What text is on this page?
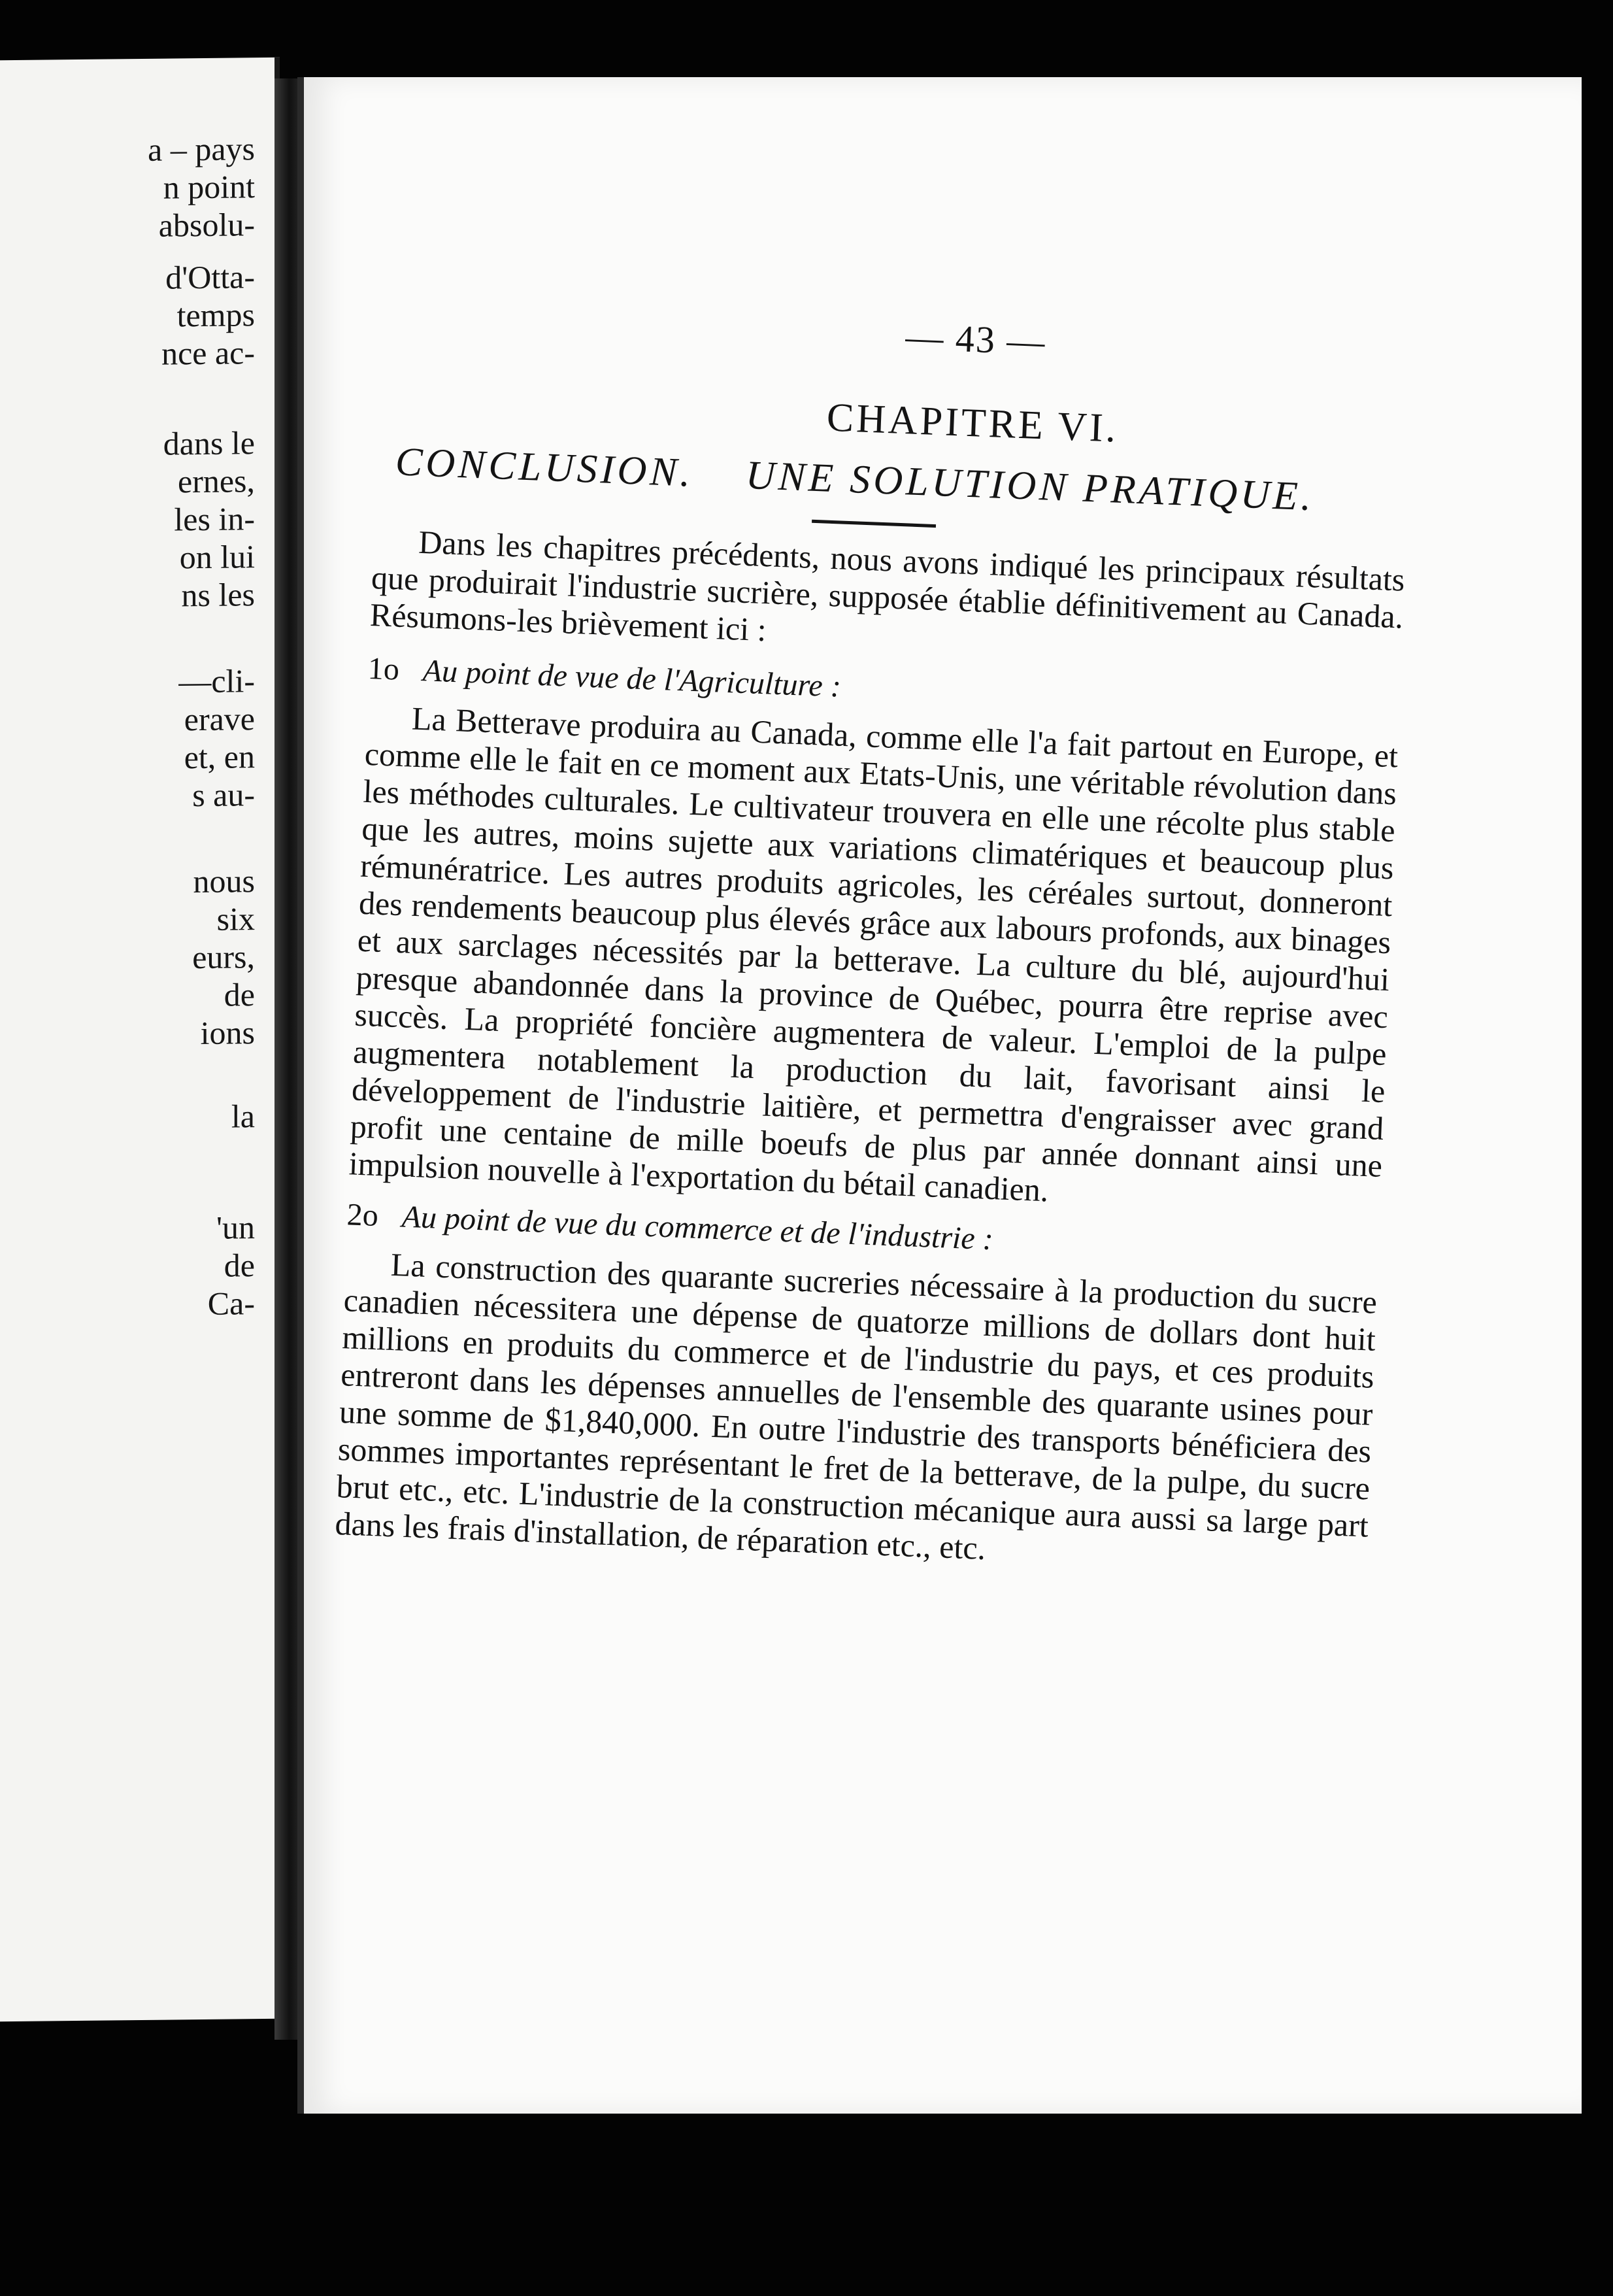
a – pays
n point
absolu-
d'Otta-
temps
nce ac-
dans le
ernes,
les in-
on lui
ns les
—cli-
erave
et, en
s au-
nous
six
eurs,
de
ions
la
'un
de
Ca-
— 43 —
CHAPITRE VI.
CONCLUSION. UNE SOLUTION PRATIQUE.

Dans les chapitres précédents, nous avons indiqué les principaux résultats que produirait l'industrie sucrière, supposée établie définitivement au Canada. Résumons-les brièvement ici :

1o Au point de vue de l'Agriculture :

La Betterave produira au Canada, comme elle l'a fait partout en Europe, et comme elle le fait en ce moment aux Etats-Unis, une véritable révolution dans les méthodes culturales. Le cultivateur trouvera en elle une récolte plus stable que les autres, moins sujette aux variations climatériques et beaucoup plus rémunératrice. Les autres produits agricoles, les céréales surtout, donneront des rendements beaucoup plus élevés grâce aux labours profonds, aux binages et aux sarclages nécessités par la betterave. La culture du blé, aujourd'hui presque abandonnée dans la province de Québec, pourra être reprise avec succès. La propriété foncière augmentera de valeur. L'emploi de la pulpe augmentera notablement la production du lait, favorisant ainsi le développement de l'industrie laitière, et permettra d'engraisser avec grand profit une centaine de mille boeufs de plus par année donnant ainsi une impulsion nouvelle à l'exportation du bétail canadien.

2o Au point de vue du commerce et de l'industrie :

La construction des quarante sucreries nécessaire à la production du sucre canadien nécessitera une dépense de quatorze millions de dollars dont huit millions en produits du commerce et de l'industrie du pays, et ces produits entreront dans les dépenses annuelles de l'ensemble des quarante usines pour une somme de $1,840,000. En outre l'industrie des transports bénéficiera des sommes importantes représentant le fret de la betterave, de la pulpe, du sucre brut etc., etc. L'industrie de la construction mécanique aura aussi sa large part dans les frais d'installation, de réparation etc., etc.
